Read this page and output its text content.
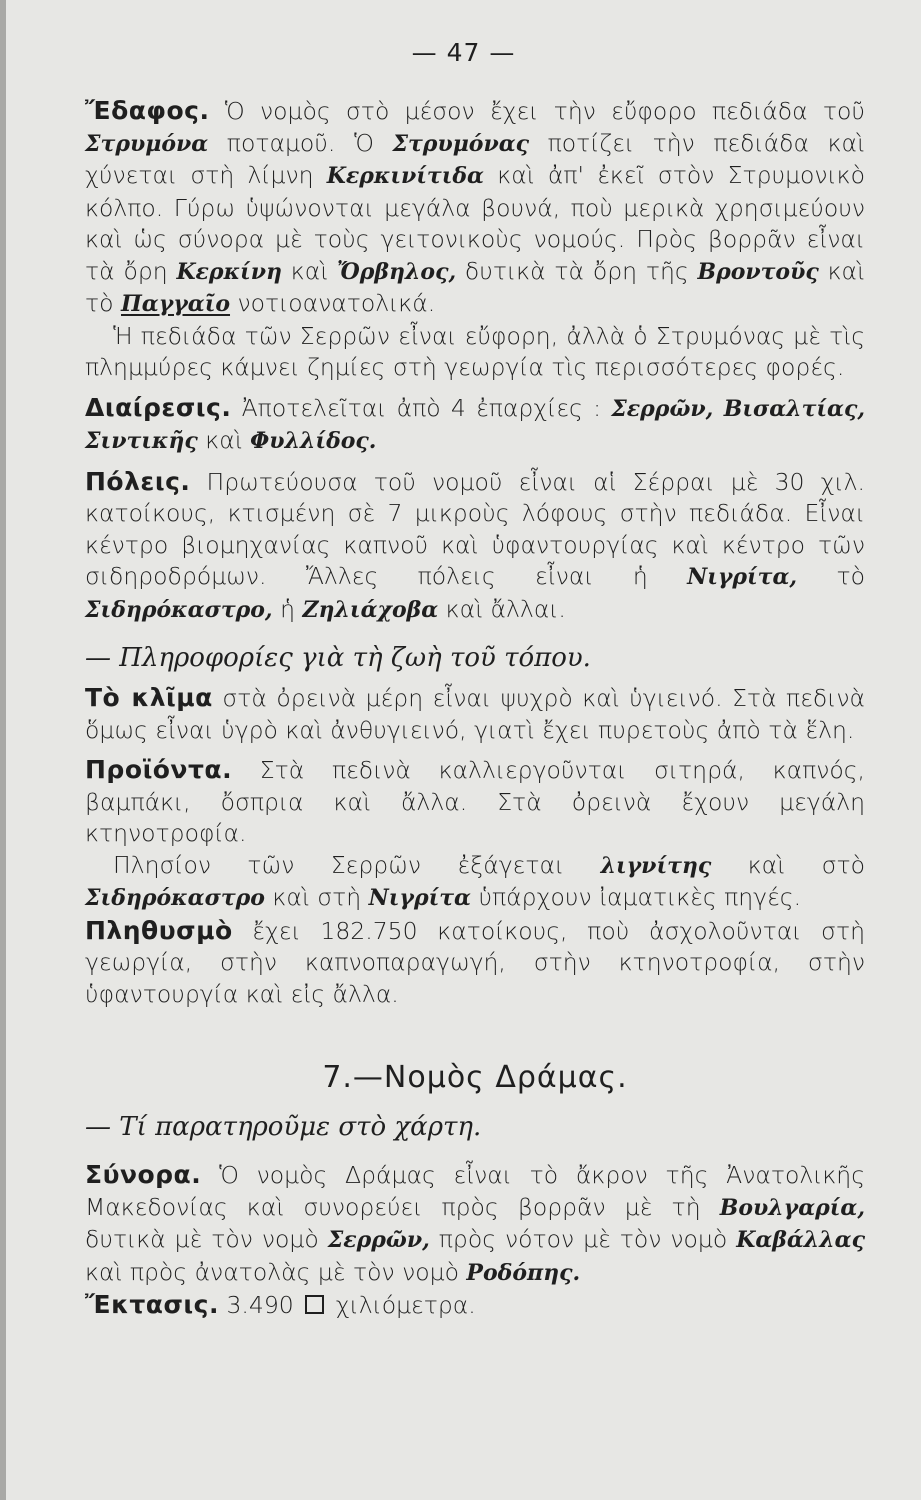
— 47 —

Ἔδαφος. Ὁ νομὸς στὸ μέσον ἔχει τὴν εὔφορο πεδιάδα τοῦ Στρυμόνα ποταμοῦ. Ὁ Στρυμόνας ποτίζει τὴν πεδιάδα καὶ χύνεται στὴ λίμνη Κερκινίτιδα καὶ ἀπ' ἐκεῖ στὸν Στρυμονικὸ κόλπο. Γύρω ὑψώνονται μεγάλα βουνά, ποὺ μερικὰ χρησιμεύουν καὶ ὡς σύνορα μὲ τοὺς γειτονικοὺς νομούς. Πρὸς βορρᾶν εἶναι τὰ ὄρη Κερκίνη καὶ Ὄρβηλος, δυτικὰ τὰ ὄρη τῆς Βροντοῦς καὶ τὸ Παγγαῖο νοτιοανατολικά.

Ἡ πεδιάδα τῶν Σερρῶν εἶναι εὔφορη, ἀλλὰ ὁ Στρυμόνας μὲ τὶς πλημμύρες κάμνει ζημίες στὴ γεωργία τὶς περισσότερες φορές.

Διαίρεσις. Ἀποτελεῖται ἀπὸ 4 ἐπαρχίες : Σερρῶν, Βισαλτίας, Σιντικῆς καὶ Φυλλίδος.

Πόλεις. Πρωτεύουσα τοῦ νομοῦ εἶναι αἱ Σέρραι μὲ 30 χιλ. κατοίκους, κτισμένη σὲ 7 μικροὺς λόφους στὴν πεδιάδα. Εἶναι κέντρο βιομηχανίας καπνοῦ καὶ ὑφαντουργίας καὶ κέντρο τῶν σιδηροδρόμων. Ἄλλες πόλεις εἶναι ἡ Νιγρίτα, τὸ Σιδηρόκαστρο, ἡ Ζηλιάχοβα καὶ ἄλλαι.

— Πληροφορίες γιὰ τὴ ζωὴ τοῦ τόπου.

Τὸ κλῖμα στὰ ὀρεινὰ μέρη εἶναι ψυχρὸ καὶ ὑγιεινό. Στὰ πεδινὰ ὅμως εἶναι ὑγρὸ καὶ ἀνθυγιεινό, γιατὶ ἔχει πυρετοὺς ἀπὸ τὰ ἕλη.

Προϊόντα. Στὰ πεδινὰ καλλιεργοῦνται σιτηρά, καπνός, βαμπάκι, ὄσπρια καὶ ἄλλα. Στὰ ὀρεινὰ ἔχουν μεγάλη κτηνοτροφία.

Πλησίον τῶν Σερρῶν ἐξάγεται λιγνίτης καὶ στὸ Σιδηρόκαστρο καὶ στὴ Νιγρίτα ὑπάρχουν ἰαματικὲς πηγές.

Πληθυσμὸ ἔχει 182.750 κατοίκους, ποὺ ἀσχολοῦνται στὴ γεωργία, στὴν καπνοπαραγωγή, στὴν κτηνοτροφία, στὴν ὑφαντουργία καὶ εἰς ἄλλα.

7.—Νομὸς Δράμας.

— Τί παρατηροῦμε στὸ χάρτη.

Σύνορα. Ὁ νομὸς Δράμας εἶναι τὸ ἄκρον τῆς Ἀνατολικῆς Μακεδονίας καὶ συνορεύει πρὸς βορρᾶν μὲ τὴ Βουλγαρία, δυτικὰ μὲ τὸν νομὸ Σερρῶν, πρὸς νότον μὲ τὸν νομὸ Καβάλλας καὶ πρὸς ἀνατολὰς μὲ τὸν νομὸ Ροδόπης.

Ἔκτασις. 3.490  χιλιόμετρα.
